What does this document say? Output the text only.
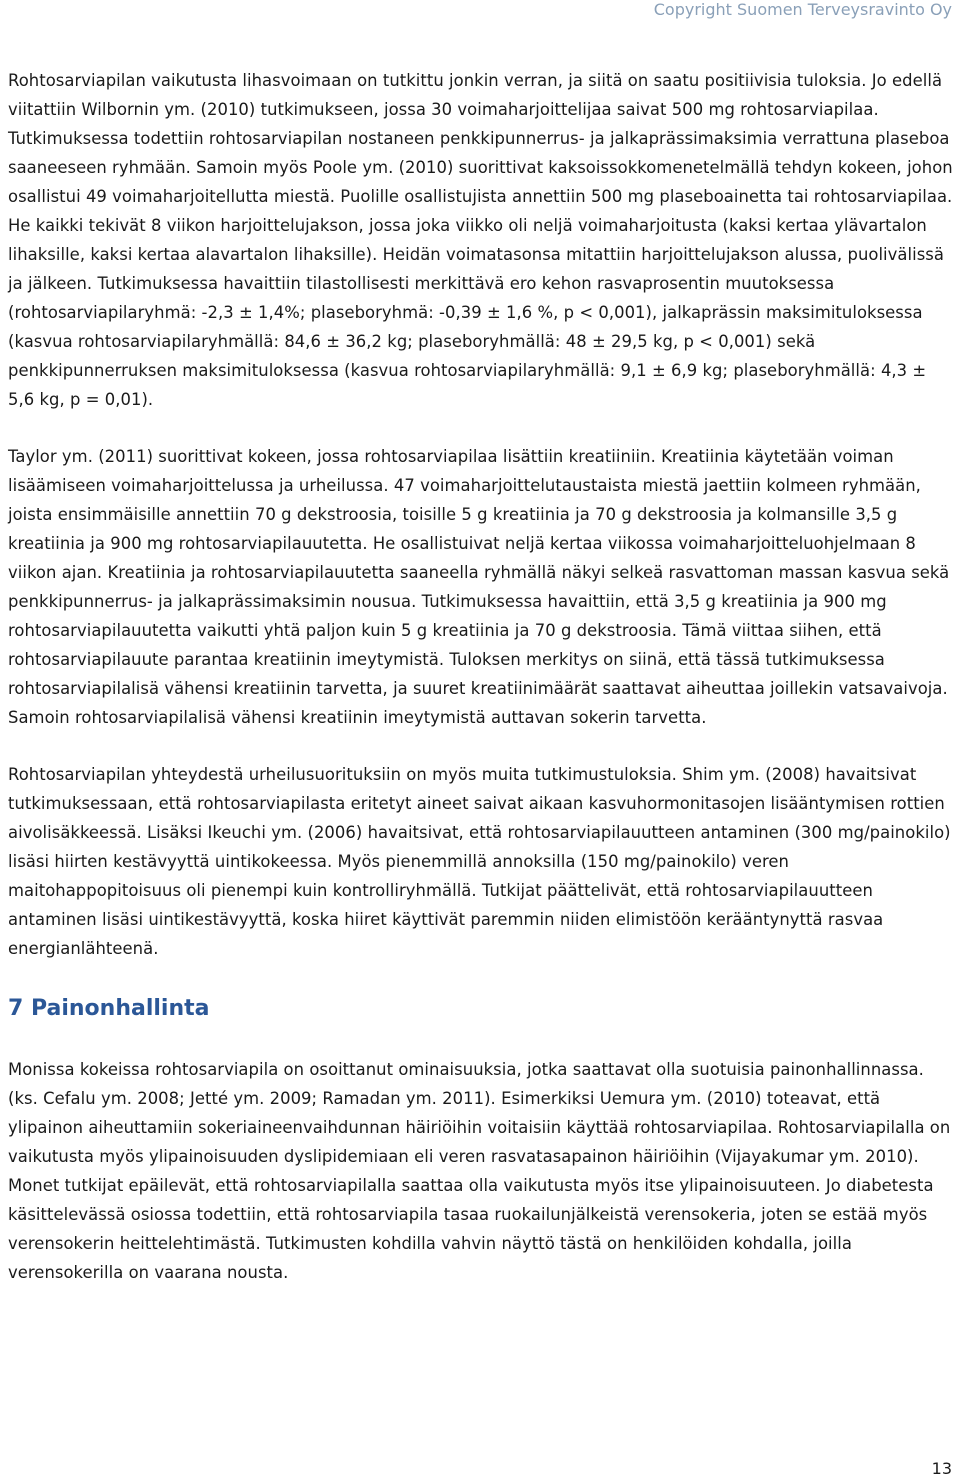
Copyright Suomen Terveysravinto Oy

Rohtosarviapilan vaikutusta lihasvoimaan on tutkittu jonkin verran, ja siitä on saatu positiivisia tuloksia. Jo edellä viitattiin Wilbornin ym. (2010) tutkimukseen, jossa 30 voimaharjoittelijaa saivat 500 mg rohtosarviapilaa. Tutkimuksessa todettiin rohtosarviapilan nostaneen penkkipunnerrus- ja jalkaprässimaksimia verrattuna plaseboa saaneeseen ryhmään. Samoin myös Poole ym. (2010) suorittivat kaksoissokkomenetelmällä tehdyn kokeen, johon osallistui 49 voimaharjoitellutta miestä. Puolille osallistujista annettiin 500 mg plaseboainetta tai rohtosarviapilaa. He kaikki tekivät 8 viikon harjoittelujakson, jossa joka viikko oli neljä voimaharjoitusta (kaksi kertaa ylävartalon lihaksille, kaksi kertaa alavartalon lihaksille). Heidän voimatasonsa mitattiin harjoittelujakson alussa, puolivälissä ja jälkeen. Tutkimuksessa havaittiin tilastollisesti merkittävä ero kehon rasvaprosentin muutoksessa (rohtosarviapilaryhmä: -2,3 ± 1,4%; plaseboryhmä: -0,39 ± 1,6 %, p < 0,001), jalkaprässin maksimituloksessa (kasvua rohtosarviapilaryhmällä: 84,6 ± 36,2 kg; plaseboryhmällä: 48 ± 29,5 kg, p < 0,001) sekä penkkipunnerruksen maksimituloksessa (kasvua rohtosarviapilaryhmällä: 9,1 ± 6,9 kg; plaseboryhmällä: 4,3 ± 5,6 kg, p = 0,01).

Taylor ym. (2011) suorittivat kokeen, jossa rohtosarviapilaa lisättiin kreatiiniin. Kreatiinia käytetään voiman lisäämiseen voimaharjoittelussa ja urheilussa. 47 voimaharjoittelutaustaista miestä jaettiin kolmeen ryhmään, joista ensimmäisille annettiin 70 g dekstroosia, toisille 5 g kreatiinia ja 70 g dekstroosia ja kolmansille 3,5 g kreatiinia ja 900 mg rohtosarviapilauutetta. He osallistuivat neljä kertaa viikossa voimaharjoitteluohjelmaan 8 viikon ajan. Kreatiinia ja rohtosarviapilauutetta saaneella ryhmällä näkyi selkeä rasvattoman massan kasvua sekä penkkipunnerrus- ja jalkaprässimaksimin nousua. Tutkimuksessa havaittiin, että 3,5 g kreatiinia ja 900 mg rohtosarviapilauutetta vaikutti yhtä paljon kuin 5 g kreatiinia ja 70 g dekstroosia. Tämä viittaa siihen, että rohtosarviapilauute parantaa kreatiinin imeytymistä. Tuloksen merkitys on siinä, että tässä tutkimuksessa rohtosarviapilalisä vähensi kreatiinin tarvetta, ja suuret kreatiinimäärät saattavat aiheuttaa joillekin vatsavaivoja. Samoin rohtosarviapilalisä vähensi kreatiinin imeytymistä auttavan sokerin tarvetta.

Rohtosarviapilan yhteydestä urheilusuorituksiin on myös muita tutkimustuloksia. Shim ym. (2008) havaitsivat tutkimuksessaan, että rohtosarviapilasta eritetyt aineet saivat aikaan kasvuhormonitasojen lisääntymisen rottien aivolisäkkeessä. Lisäksi Ikeuchi ym. (2006) havaitsivat, että rohtosarviapilauutteen antaminen (300 mg/painokilo) lisäsi hiirten kestävyyttä uintikokeessa. Myös pienemmillä annoksilla (150 mg/painokilo) veren maitohappopitoisuus oli pienempi kuin kontrolliryhmällä. Tutkijat päättelivät, että rohtosarviapilauutteen antaminen lisäsi uintikestävyyttä, koska hiiret käyttivät paremmin niiden elimistöön kerääntynyttä rasvaa energianlähteenä.

7 Painonhallinta

Monissa kokeissa rohtosarviapila on osoittanut ominaisuuksia, jotka saattavat olla suotuisia painonhallinnassa. (ks. Cefalu ym. 2008; Jetté ym. 2009; Ramadan ym. 2011). Esimerkiksi Uemura ym. (2010) toteavat, että ylipainon aiheuttamiin sokeriaineenvaihdunnan häiriöihin voitaisiin käyttää rohtosarviapilaa. Rohtosarviapilalla on vaikutusta myös ylipainoisuuden dyslipidemiaan eli veren rasvatasapainon häiriöihin (Vijayakumar ym. 2010). Monet tutkijat epäilevät, että rohtosarviapilalla saattaa olla vaikutusta myös itse ylipainoisuuteen. Jo diabetesta käsittelevässä osiossa todettiin, että rohtosarviapila tasaa ruokailunjälkeistä verensokeria, joten se estää myös verensokerin heittelehtimästä. Tutkimusten kohdilla vahvin näyttö tästä on henkilöiden kohdalla, joilla verensokerilla on vaarana nousta.

13
